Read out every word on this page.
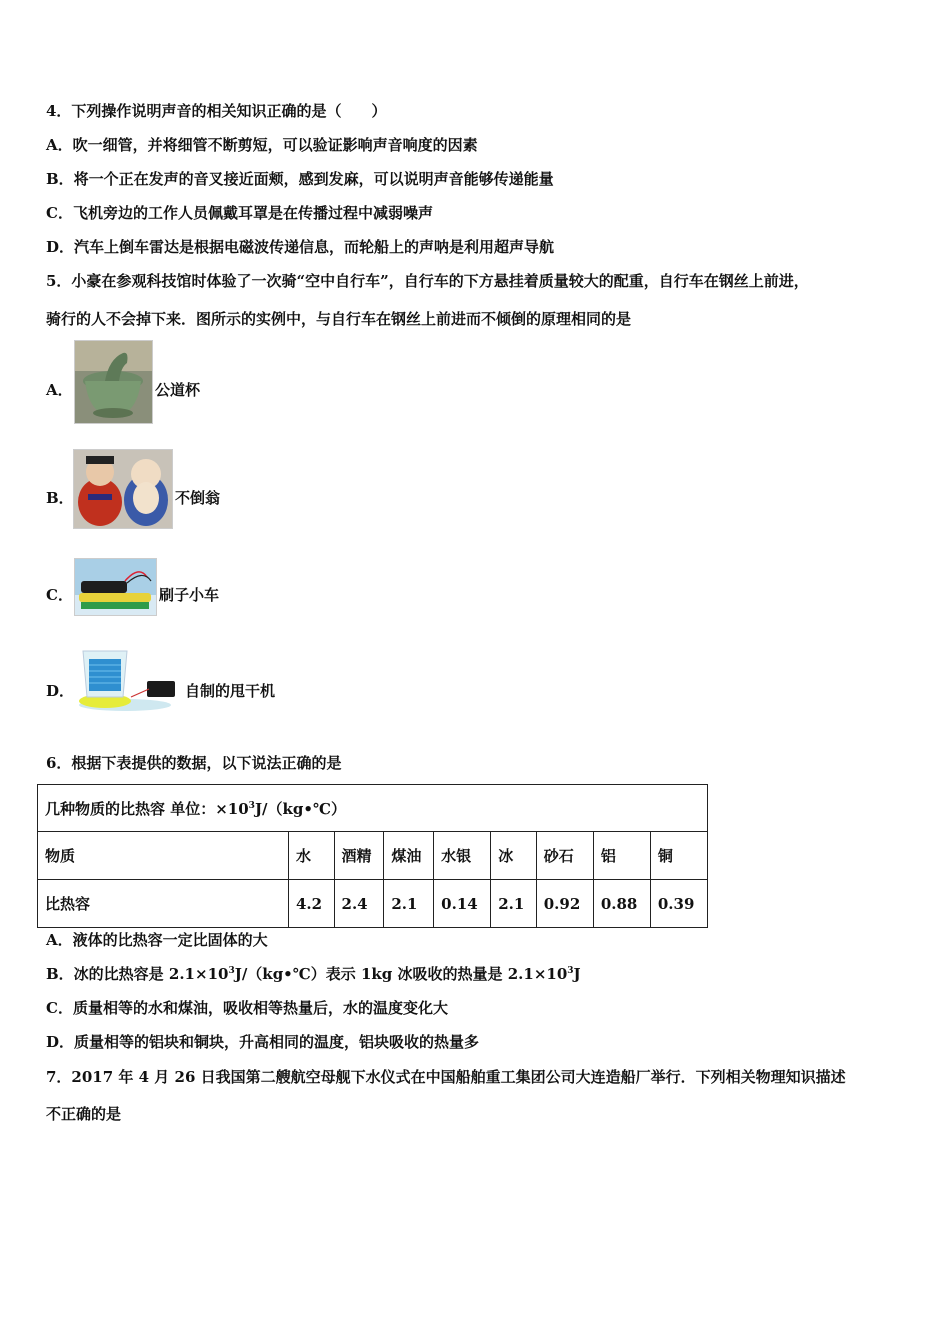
4．下列操作说明声音的相关知识正确的是（　　）
A．吹一细管，并将细管不断剪短，可以验证影响声音响度的因素
B．将一个正在发声的音叉接近面颊，感到发麻，可以说明声音能够传递能量
C．飞机旁边的工作人员佩戴耳罩是在传播过程中减弱噪声
D．汽车上倒车雷达是根据电磁波传递信息，而轮船上的声呐是利用超声导航
5．小豪在参观科技馆时体验了一次骑“空中自行车”，自行车的下方悬挂着质量较大的配重，自行车在钢丝上前进，
骑行的人不会掉下来．图所示的实例中，与自行车在钢丝上前进而不倾倒的原理相同的是
A．	公道杯
B．	不倒翁
C．	刷子小车
D．	自制的甩干机
6．根据下表提供的数据，以下说法正确的是
几种物质的比热容 单位：$\times 10^3J/(kg•℃)$								
物质	水	酒精	煤油	水银	冰	砂石	铝	铜
比热容	4.2	2.4	2.1	0.14	2.1	0.92	0.88	0.39
A．液体的比热容一定比固体的大
B．冰的比热容是 $2.1\times 10^3J/(kg•℃)$表示 1kg 冰吸收的热量是 $2.1\times 10^3J$
C．质量相等的水和煤油，吸收相等热量后，水的温度变化大
D．质量相等的铝块和铜块，升高相同的温度，铝块吸收的热量多
7．2017 年 4 月 26 日我国第二艘航空母舰下水仪式在中国船舶重工集团公司大连造船厂举行．下列相关物理知识描述
不正确的是
